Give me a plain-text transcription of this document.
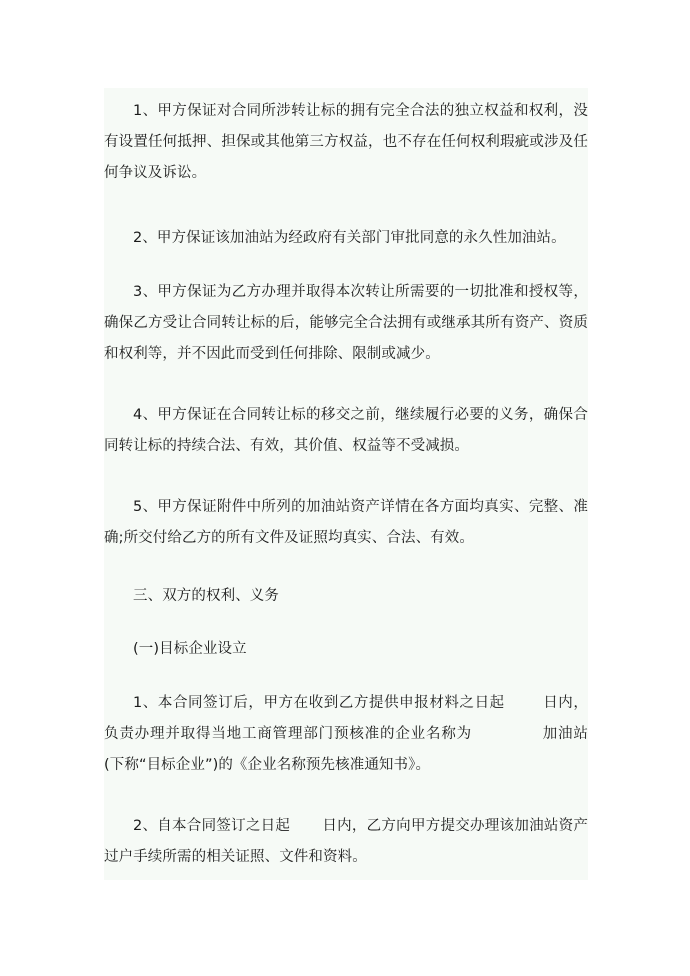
1、甲方保证对合同所涉转让标的拥有完全合法的独立权益和权利，没有设置任何抵押、担保或其他第三方权益，也不存在任何权利瑕疵或涉及任何争议及诉讼。

2、甲方保证该加油站为经政府有关部门审批同意的永久性加油站。

3、甲方保证为乙方办理并取得本次转让所需要的一切批准和授权等，确保乙方受让合同转让标的后，能够完全合法拥有或继承其所有资产、资质和权利等，并不因此而受到任何排除、限制或减少。

4、甲方保证在合同转让标的移交之前，继续履行必要的义务，确保合同转让标的持续合法、有效，其价值、权益等不受减损。

5、甲方保证附件中所列的加油站资产详情在各方面均真实、完整、准确;所交付给乙方的所有文件及证照均真实、合法、有效。

三、双方的权利、义务

(一)目标企业设立

1、本合同签订后，甲方在收到乙方提供申报材料之日起	日内，负责办理并取得当地工商管理部门预核准的企业名称为	加油站(下称“目标企业”)的《企业名称预先核准通知书》。

2、自本合同签订之日起 日内，乙方向甲方提交办理该加油站资产过户手续所需的相关证照、文件和资料。
